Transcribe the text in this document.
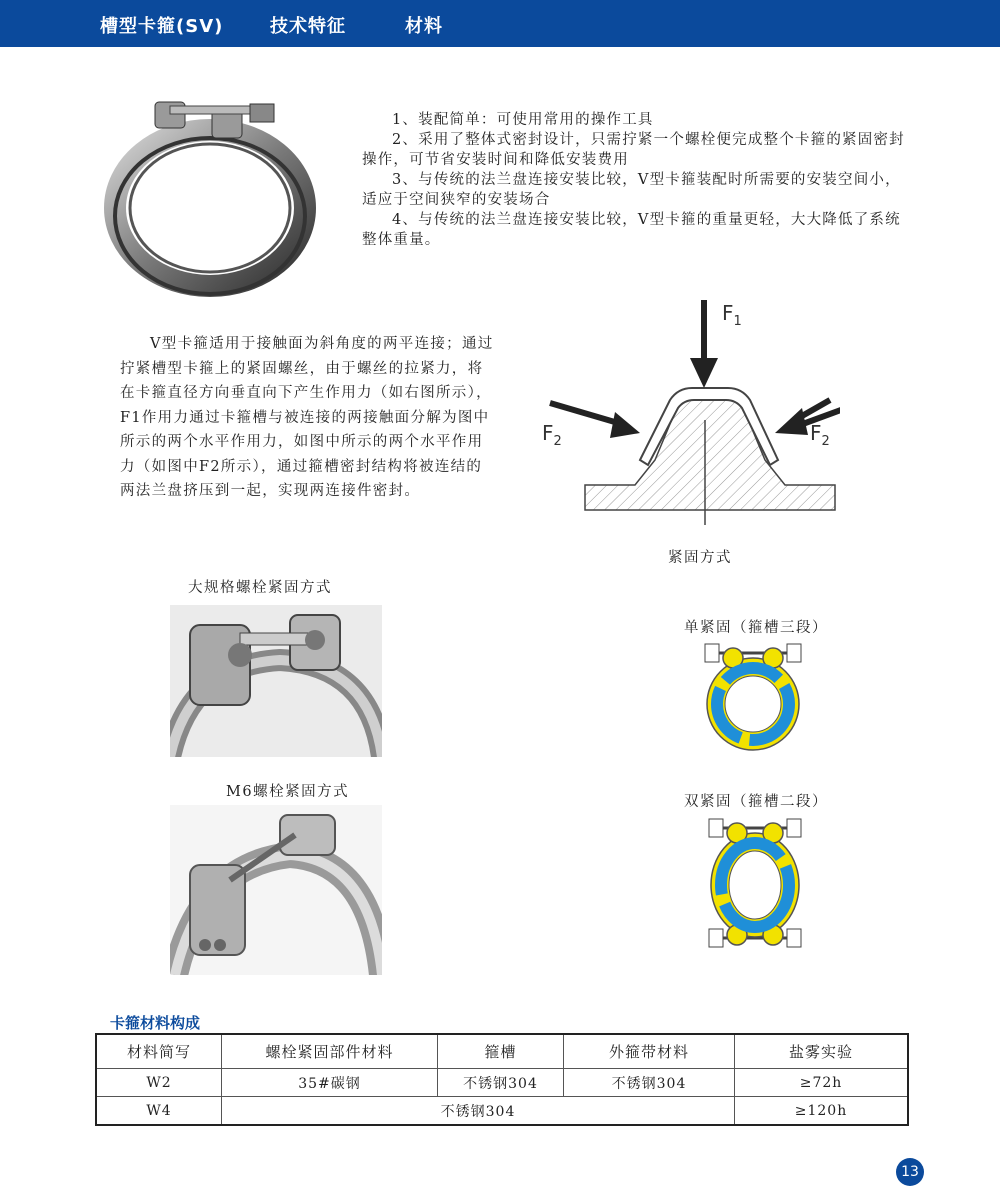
槽型卡箍(SV)	技术特征	材料
1、装配简单：可使用常用的操作工具
2、采用了整体式密封设计，只需拧紧一个螺栓便完成整个卡箍的紧固密封操作，可节省安装时间和降低安装费用
3、与传统的法兰盘连接安装比较，V型卡箍装配时所需要的安装空间小，适应于空间狭窄的安装场合
4、与传统的法兰盘连接安装比较，V型卡箍的重量更轻，大大降低了系统整体重量。
V型卡箍适用于接触面为斜角度的两平连接；通过拧紧槽型卡箍上的紧固螺丝，由于螺丝的拉紧力，将在卡箍直径方向垂直向下产生作用力（如右图所示），F1作用力通过卡箍槽与被连接的两接触面分解为图中所示的两个水平作用力，如图中所示的两个水平作用力（如图中F2所示），通过箍槽密封结构将被连结的两法兰盘挤压到一起，实现两连接件密封。
$F_1$
$F_2$	$F_2$
紧固方式
大规格螺栓紧固方式
M6螺栓紧固方式
单紧固（箍槽三段）
双紧固（箍槽二段）
卡箍材料构成
材料简写	螺栓紧固部件材料	箍槽	外箍带材料	盐雾实验
W2	35#碳钢	不锈钢304	不锈钢304	≥72h
W4	不锈钢304			≥120h
13
